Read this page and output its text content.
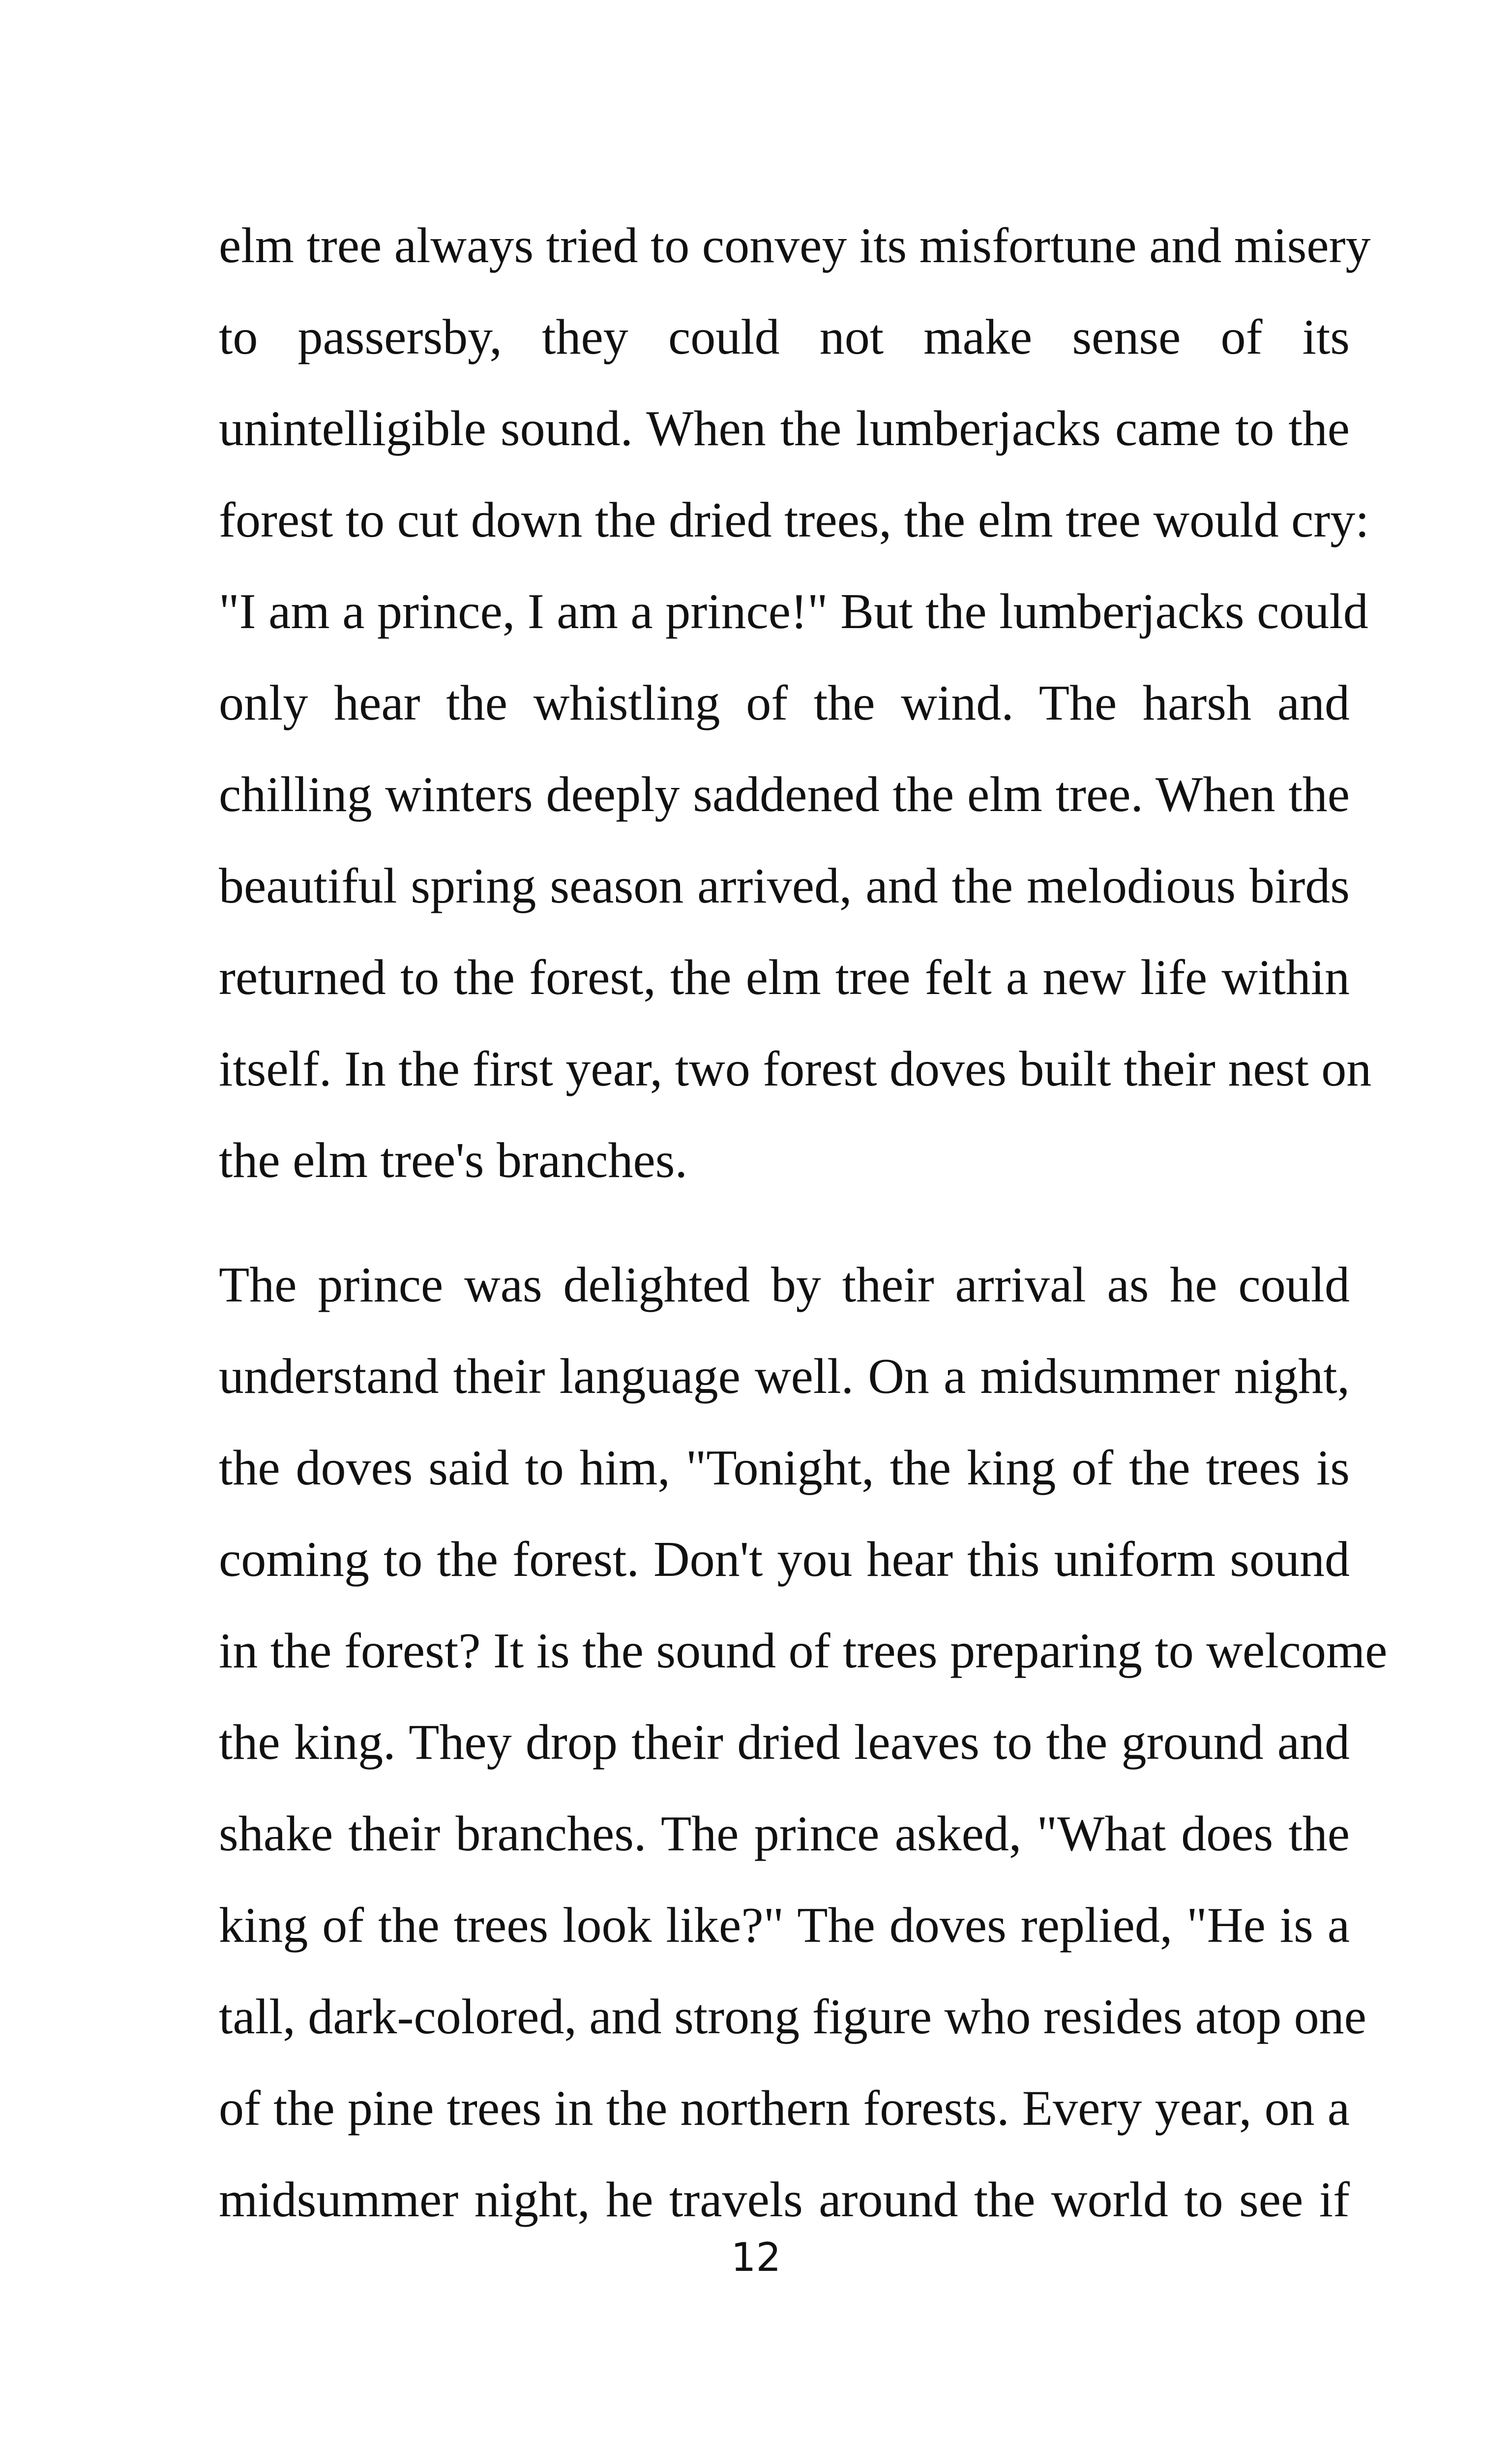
elm tree always tried to convey its misfortune and misery
to passersby, they could not make sense of its
unintelligible sound. When the lumberjacks came to the
forest to cut down the dried trees, the elm tree would cry:
"I am a prince, I am a prince!" But the lumberjacks could
only hear the whistling of the wind. The harsh and
chilling winters deeply saddened the elm tree. When the
beautiful spring season arrived, and the melodious birds
returned to the forest, the elm tree felt a new life within
itself. In the first year, two forest doves built their nest on
the elm tree's branches.
The prince was delighted by their arrival as he could
understand their language well. On a midsummer night,
the doves said to him, "Tonight, the king of the trees is
coming to the forest. Don't you hear this uniform sound
in the forest? It is the sound of trees preparing to welcome
the king. They drop their dried leaves to the ground and
shake their branches. The prince asked, "What does the
king of the trees look like?" The doves replied, "He is a
tall, dark-colored, and strong figure who resides atop one
of the pine trees in the northern forests. Every year, on a
midsummer night, he travels around the world to see if
12
